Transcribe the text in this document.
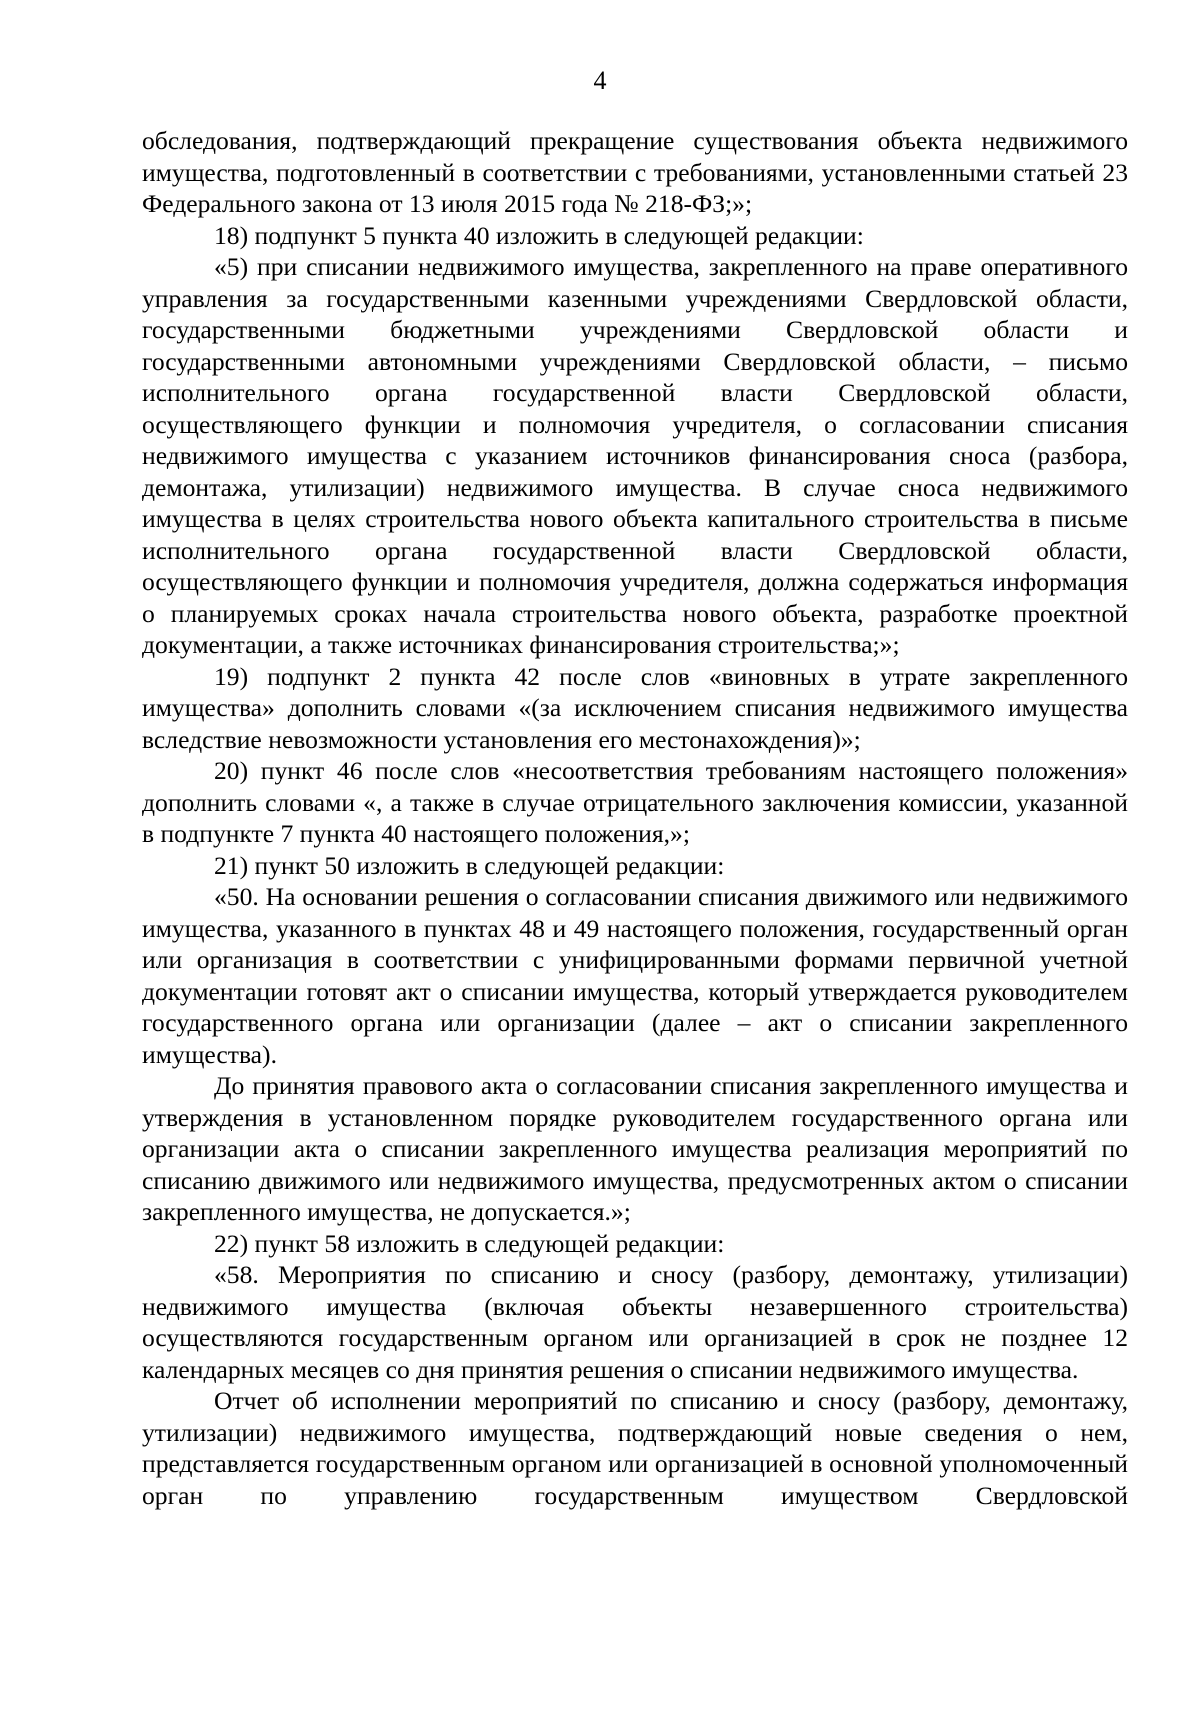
4

обследования, подтверждающий прекращение существования объекта недвижимого имущества, подготовленный в соответствии с требованиями, установленными статьей 23 Федерального закона от 13 июля 2015 года № 218-ФЗ;»;

18) подпункт 5 пункта 40 изложить в следующей редакции:

«5) при списании недвижимого имущества, закрепленного на праве оперативного управления за государственными казенными учреждениями Свердловской области, государственными бюджетными учреждениями Свердловской области и государственными автономными учреждениями Свердловской области, – письмо исполнительного органа государственной власти Свердловской области, осуществляющего функции и полномочия учредителя, о согласовании списания недвижимого имущества с указанием источников финансирования сноса (разбора, демонтажа, утилизации) недвижимого имущества. В случае сноса недвижимого имущества в целях строительства нового объекта капитального строительства в письме исполнительного органа государственной власти Свердловской области, осуществляющего функции и полномочия учредителя, должна содержаться информация о планируемых сроках начала строительства нового объекта, разработке проектной документации, а также источниках финансирования строительства;»;

19) подпункт 2 пункта 42 после слов «виновных в утрате закрепленного имущества» дополнить словами «(за исключением списания недвижимого имущества вследствие невозможности установления его местонахождения)»;

20) пункт 46 после слов «несоответствия требованиям настоящего положения» дополнить словами «, а также в случае отрицательного заключения комиссии, указанной в подпункте 7 пункта 40 настоящего положения,»;

21) пункт 50 изложить в следующей редакции:

«50. На основании решения о согласовании списания движимого или недвижимого имущества, указанного в пунктах 48 и 49 настоящего положения, государственный орган или организация в соответствии с унифицированными формами первичной учетной документации готовят акт о списании имущества, который утверждается руководителем государственного органа или организации (далее – акт о списании закрепленного имущества).

До принятия правового акта о согласовании списания закрепленного имущества и утверждения в установленном порядке руководителем государственного органа или организации акта о списании закрепленного имущества реализация мероприятий по списанию движимого или недвижимого имущества, предусмотренных актом о списании закрепленного имущества, не допускается.»;

22) пункт 58 изложить в следующей редакции:

«58. Мероприятия по списанию и сносу (разбору, демонтажу, утилизации) недвижимого имущества (включая объекты незавершенного строительства) осуществляются государственным органом или организацией в срок не позднее 12 календарных месяцев со дня принятия решения о списании недвижимого имущества.

Отчет об исполнении мероприятий по списанию и сносу (разбору, демонтажу, утилизации) недвижимого имущества, подтверждающий новые сведения о нем, представляется государственным органом или организацией в основной уполномоченный орган по управлению государственным имуществом Свердловской
